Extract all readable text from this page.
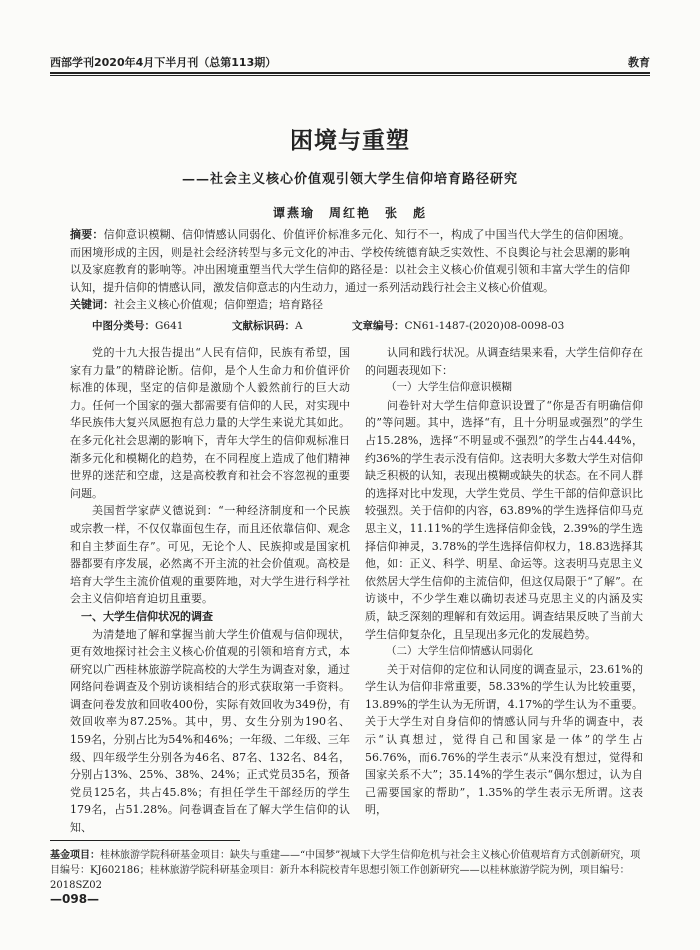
西部学刊2020年4月下半月刊（总第113期）	教育
困境与重塑
——社会主义核心价值观引领大学生信仰培育路径研究
谭燕瑜　周红艳　张　彪
摘要：信仰意识模糊、信仰情感认同弱化、价值评价标准多元化、知行不一，构成了中国当代大学生的信仰困境。而困境形成的主因，则是社会经济转型与多元文化的冲击、学校传统德育缺乏实效性、不良舆论与社会思潮的影响以及家庭教育的影响等。冲出困境重塑当代大学生信仰的路径是：以社会主义核心价值观引领和丰富大学生的信仰认知，提升信仰的情感认同，激发信仰意志的内生动力，通过一系列活动践行社会主义核心价值观。
关键词：社会主义核心价值观；信仰塑造；培育路径
中图分类号：G641	文献标识码：A	文章编号：CN61-1487-(2020)08-0098-03

党的十九大报告提出“人民有信仰，民族有希望，国家有力量”的精辟论断。信仰，是个人生命力和价值评价标准的体现，坚定的信仰是激励个人毅然前行的巨大动力。任何一个国家的强大都需要有信仰的人民，对实现中华民族伟大复兴凤愿抱有总力量的大学生来说尤其如此。在多元化社会思潮的影响下，青年大学生的信仰观标准日渐多元化和模糊化的趋势，在不同程度上造成了他们精神世界的迷茫和空虚，这是高校教育和社会不容忽视的重要问题。

美国哲学家萨义德说到：“一种经济制度和一个民族或宗教一样，不仅仅靠面包生存，而且还依靠信仰、观念和自主梦面生存”。可见，无论个人、民族抑或是国家机器都要有序发展，必然离不开主流的社会价值观。高校是培育大学生主流价值观的重要阵地，对大学生进行科学社会主义信仰培育迫切且重要。

一、大学生信仰状况的调查

为清楚地了解和掌握当前大学生价值观与信仰现状，更有效地探讨社会主义核心价值观的引领和培育方式，本研究以广西桂林旅游学院高校的大学生为调查对象，通过网络问卷调查及个别访谈相结合的形式获取第一手资料。调查问卷发放和回收400份，实际有效回收为349份，有效回收率为87.25%。其中，男、女生分别为190名、159名，分别占比为54%和46%；一年级、二年级、三年级、四年级学生分别各为46名、87名、132名、84名，分别占13%、25%、38%、24%；正式党员35名，预备党员125名，共占45.8%；有担任学生干部经历的学生179名，占51.28%。问卷调查旨在了解大学生信仰的认知、

认同和践行状况。从调查结果来看，大学生信仰存在的问题表现如下：

（一）大学生信仰意识模糊

问卷针对大学生信仰意识设置了“你是否有明确信仰的”等问题。其中，选择“有，且十分明显或强烈”的学生占15.28%，选择“不明显或不强烈”的学生占44.44%，约36%的学生表示没有信仰。这表明大多数大学生对信仰缺乏积极的认知，表现出模糊或缺失的状态。在不同人群的选择对比中发现，大学生党员、学生干部的信仰意识比较强烈。关于信仰的内容，63.89%的学生选择信仰马克思主义，11.11%的学生选择信仰金钱，2.39%的学生选择信仰神灵，3.78%的学生选择信仰权力，18.83选择其他，如：正义、科学、明星、命运等。这表明马克思主义依然居大学生信仰的主流信仰，但这仅局限于“了解”。在访谈中，不少学生难以确切表述马克思主义的内涵及实质，缺乏深刻的理解和有效运用。调查结果反映了当前大学生信仰复杂化，且呈现出多元化的发展趋势。

（二）大学生信仰情感认同弱化

关于对信仰的定位和认同度的调查显示，23.61%的学生认为信仰非常重要，58.33%的学生认为比较重要，13.89%的学生认为无所谓，4.17%的学生认为不重要。关于大学生对自身信仰的情感认同与升华的调查中，表示“认真想过，觉得自己和国家是一体”的学生占56.76%，而6.76%的学生表示“从来没有想过，觉得和国家关系不大”；35.14%的学生表示“偶尔想过，认为自己需要国家的帮助”，1.35%的学生表示无所谓。这表明，

基金项目：桂林旅游学院科研基金项目：缺失与重建——“中国梦”视域下大学生信仰危机与社会主义核心价值观培育方式创新研究，项目编号：KJ602186；桂林旅游学院科研基金项目：新升本科院校青年思想引领工作创新研究——以桂林旅游学院为例，项目编号：2018SZ02
—098—
